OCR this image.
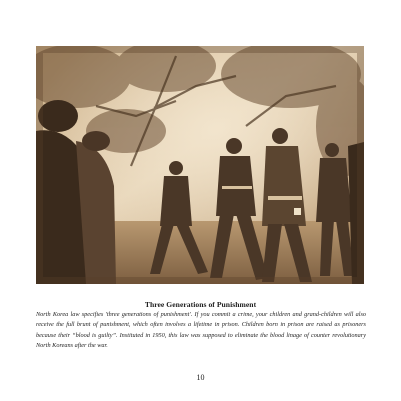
Three Generations of Punishment

North Korea law specifies 'three generations of punishment'. If you commit a crime, your children and grand-children will also receive the full brunt of punishment, which often involves a lifetime in prison. Children born in prison are raised as prisoners because their “blood is guilty”. Instituted in 1950, this law was supposed to eliminate the blood linage of counter revolutionary North Koreans after the war.

10
